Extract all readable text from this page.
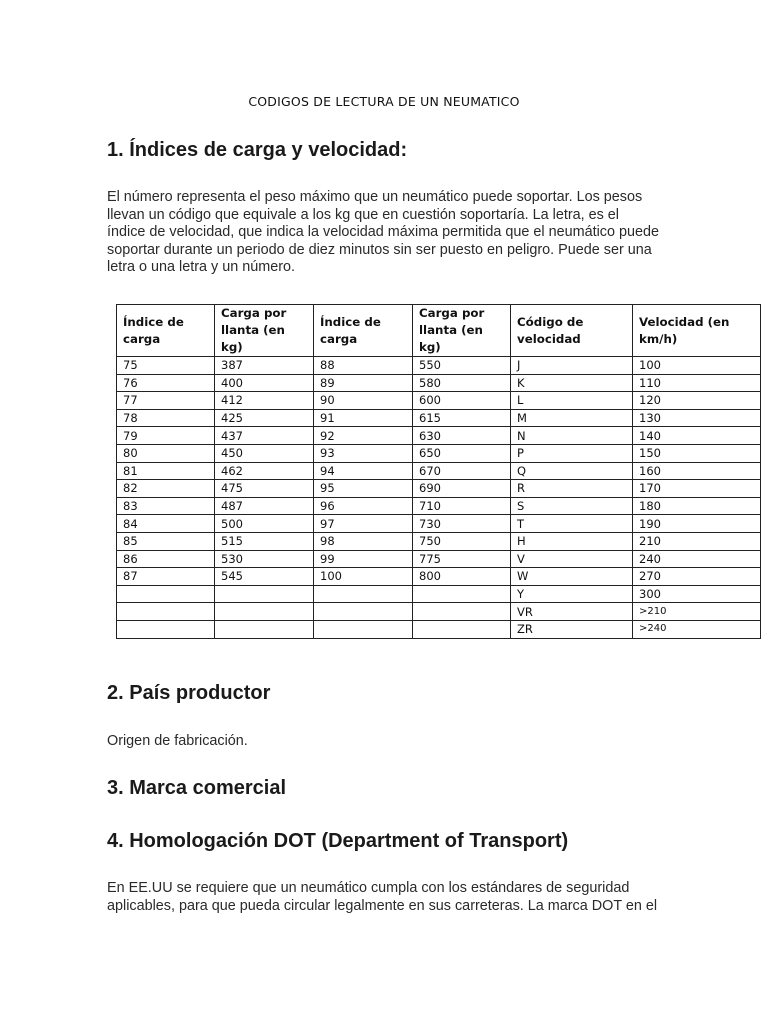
CODIGOS DE LECTURA DE UN NEUMATICO
1. Índices de carga y velocidad:
El número representa el peso máximo que un neumático puede soportar. Los pesos
llevan un código que equivale a los kg que en cuestión soportaría. La letra, es el
índice de velocidad, que indica la velocidad máxima permitida que el neumático puede
soportar durante un periodo de diez minutos sin ser puesto en peligro. Puede ser una
letra o una letra y un número.
Índice de carga	Carga por llanta (en kg)	Índice de carga	Carga por llanta (en kg)	Código de velocidad	Velocidad (en km/h)
75	387	88	550	J	100
76	400	89	580	K	110
77	412	90	600	L	120
78	425	91	615	M	130
79	437	92	630	N	140
80	450	93	650	P	150
81	462	94	670	Q	160
82	475	95	690	R	170
83	487	96	710	S	180
84	500	97	730	T	190
85	515	98	750	H	210
86	530	99	775	V	240
87	545	100	800	W	270
				Y	300
				VR	>210
				ZR	>240
2. País productor
Origen de fabricación.
3. Marca comercial
4. Homologación DOT (Department of Transport)
En EE.UU se requiere que un neumático cumpla con los estándares de seguridad
aplicables, para que pueda circular legalmente en sus carreteras. La marca DOT en el
